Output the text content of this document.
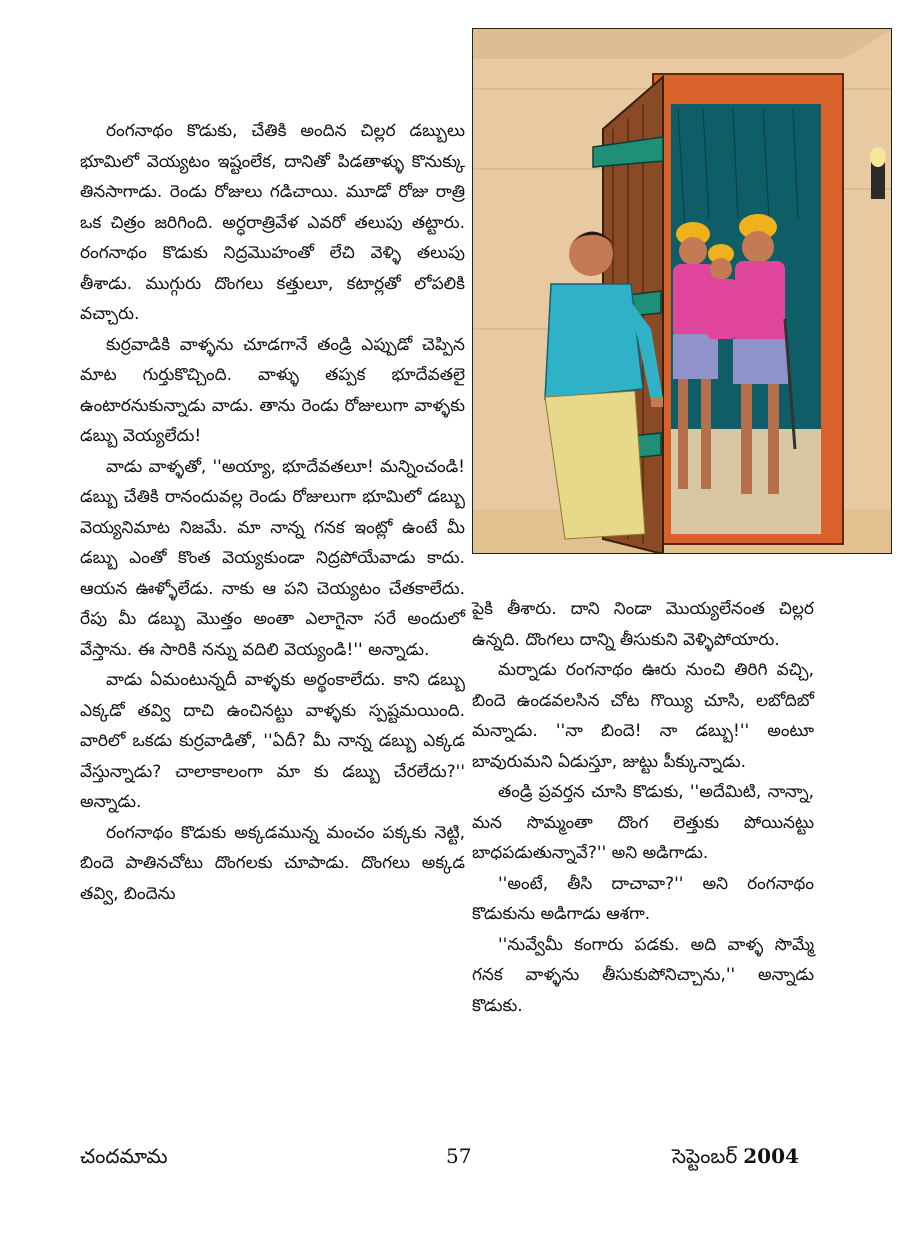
రంగనాథం కొడుకు, చేతికి అందిన చిల్లర డబ్బులు భూమిలో వెయ్యటం ఇష్టంలేక, దానితో పిడతాళ్ళు కొనుక్కు తినసాగాడు. రెండు రోజులు గడిచాయి. మూడో రోజు రాత్రి ఒక చిత్రం జరిగింది. అర్ధరాత్రివేళ ఎవరో తలుపు తట్టారు. రంగనాథం కొడుకు నిద్రమొహంతో లేచి వెళ్ళి తలుపు తీశాడు. ముగ్గురు దొంగలు కత్తులూ, కటార్లతో లోపలికి వచ్చారు.

కుర్రవాడికి వాళ్ళను చూడగానే తండ్రి ఎప్పుడో చెప్పిన మాట గుర్తుకొచ్చింది. వాళ్ళు తప్పక భూదేవతలై ఉంటారనుకున్నాడు వాడు. తాను రెండు రోజులుగా వాళ్ళకు డబ్బు వెయ్యలేదు!

వాడు వాళ్ళతో, ''అయ్యా, భూదేవతలూ! మన్నించండి! డబ్బు చేతికి రానందువల్ల రెండు రోజులుగా భూమిలో డబ్బు వెయ్యనిమాట నిజమే. మా నాన్న గనక ఇంట్లో ఉంటే మీ డబ్బు ఎంతో కొంత వెయ్యకుండా నిద్రపోయేవాడు కాదు. ఆయన ఊళ్ళోలేడు. నాకు ఆ పని చెయ్యటం చేతకాలేదు. రేపు మీ డబ్బు మొత్తం అంతా ఎలాగైనా సరే అందులో వేస్తాను. ఈ సారికి నన్ను వదిలి వెయ్యండి!'' అన్నాడు.

వాడు ఏమంటున్నదీ వాళ్ళకు అర్థంకాలేదు. కాని డబ్బు ఎక్కడో తవ్వి దాచి ఉంచినట్టు వాళ్ళకు స్పష్టమయింది. వారిలో ఒకడు కుర్రవాడితో, ''ఏదీ? మీ నాన్న డబ్బు ఎక్కడ వేస్తున్నాడు? చాలాకాలంగా మా కు డబ్బు చేరలేదు?'' అన్నాడు.

రంగనాథం కొడుకు అక్కడమున్న మంచం పక్కకు నెట్టి, బిందె పాతినచోటు దొంగలకు చూపాడు. దొంగలు అక్కడ తవ్వి, బిందెను

పైకి తీశారు. దాని నిండా మొయ్యలేనంత చిల్లర ఉన్నది. దొంగలు దాన్ని తీసుకుని వెళ్ళిపోయారు.

మర్నాడు రంగనాథం ఊరు నుంచి తిరిగి వచ్చి, బిందె ఉండవలసిన చోట గొయ్యి చూసి, లబోదిబో మన్నాడు. ''నా బిందె! నా డబ్బు!'' అంటూ బావురుమని ఏడుస్తూ, జుట్టు పీక్కున్నాడు.

తండ్రి ప్రవర్తన చూసి కొడుకు, ''అదేమిటి, నాన్నా, మన సొమ్మంతా దొంగ లెత్తుకు పోయినట్టు బాధపడుతున్నావే?'' అని అడిగాడు.

''అంటే, తీసి దాచావా?'' అని రంగనాథం కొడుకును అడిగాడు ఆశగా.

''నువ్వేమీ కంగారు పడకు. అది వాళ్ళ సొమ్మే గనక వాళ్ళను తీసుకుపోనిచ్చాను,'' అన్నాడు కొడుకు.

చందమామ	57	సెప్టెంబర్ 2004
